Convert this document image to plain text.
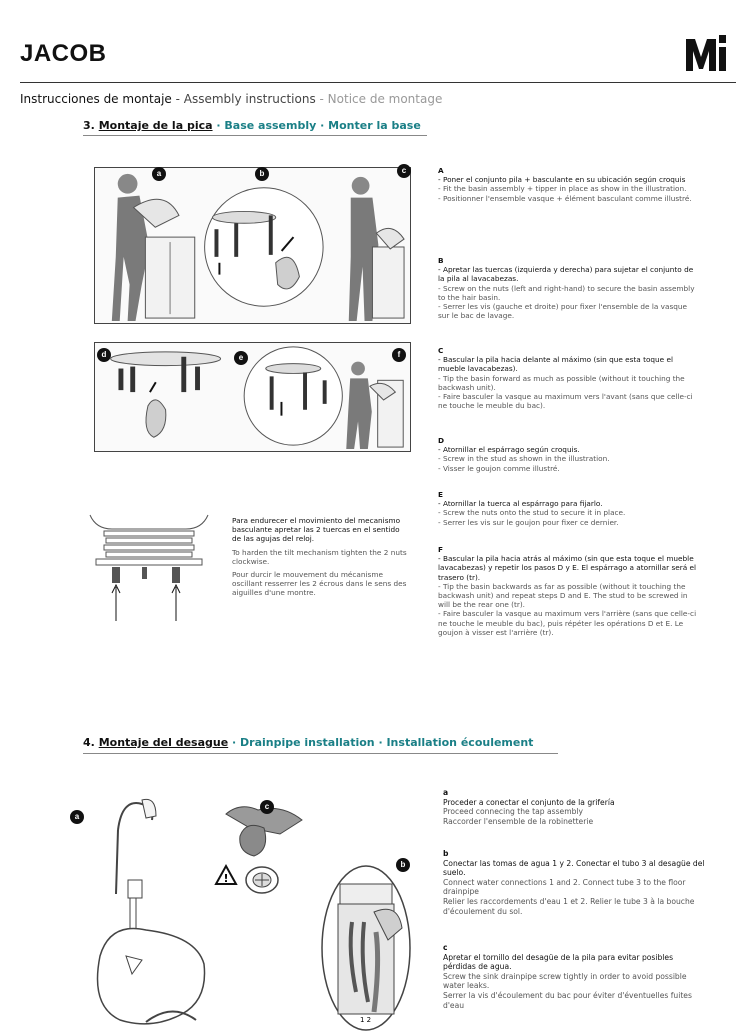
JACOB
Instrucciones de montaje - Assembly instructions - Notice de montage
3. Montaje de la pica · Base assembly · Monter la base
a	b	c
d	e	f

Para endurecer el movimiento del mecanismo basculante apretar las 2 tuercas en el sentido de las agujas del reloj.

To harden the tilt mechanism tighten the 2 nuts clockwise.

Pour durcir le mouvement du mécanisme oscillant resserrer les 2 écrous dans le sens des aiguilles d'une montre.

A
- Poner el conjunto pila + basculante en su ubicación según croquis
- Fit the basin assembly + tipper in place as show in the illustration.
- Positionner l'ensemble vasque + élément basculant comme illustré.
B
- Apretar las tuercas (izquierda y derecha) para sujetar el conjunto de la pila al lavacabezas.
- Screw on the nuts (left and right-hand) to secure the basin assembly to the hair basin.
- Serrer les vis (gauche et droite) pour fixer l'ensemble de la vasque sur le bac de lavage.
C
- Bascular la pila hacia delante al máximo (sin que esta toque el mueble lavacabezas).
- Tip the basin forward as much as possible (without it touching the backwash unit).
- Faire basculer la vasque au maximum vers l'avant (sans que celle-ci ne touche le meuble du bac).
D
- Atornillar el espárrago según croquis.
- Screw in the stud as shown in the illustration.
- Visser le goujon comme illustré.
E
- Atornillar la tuerca al espárrago para fijarlo.
- Screw the nuts onto the stud to secure it in place.
- Serrer les vis sur le goujon pour fixer ce dernier.
F
- Bascular la pila hacia atrás al máximo (sin que esta toque el mueble lavacabezas) y repetir los pasos D y E. El espárrago a atornillar será el trasero (tr).
- Tip the basin backwards as far as possible (without it touching the backwash unit) and repeat steps D and E. The stud to be screwed in will be the rear one (tr).
- Faire basculer la vasque au maximum vers l'arrière (sans que celle-ci ne touche le meuble du bac), puis répéter les opérations D et E. Le goujon à visser est l'arrière (tr).
4. Montaje del desague · Drainpipe installation · Installation écoulement
a
!
c
1 2
b
a
Proceder a conectar el conjunto de la grifería
Proceed connecing the tap assembly
Raccorder l'ensemble de la robinetterie
b
Conectar las tomas de agua 1 y 2. Conectar el tubo 3 al desagüe del suelo.
Connect water connections 1 and 2. Connect tube 3 to the floor drainpipe
Relier les raccordements d'eau 1 et 2. Relier le tube 3 à la bouche d'écoulement du sol.
c
Apretar el tornillo del desagüe de la pila para evitar posibles pérdidas de agua.
Screw the sink drainpipe screw tightly in order to avoid possible water leaks.
Serrer la vis d'écoulement du bac pour éviter d'éventuelles fuites d'eau
